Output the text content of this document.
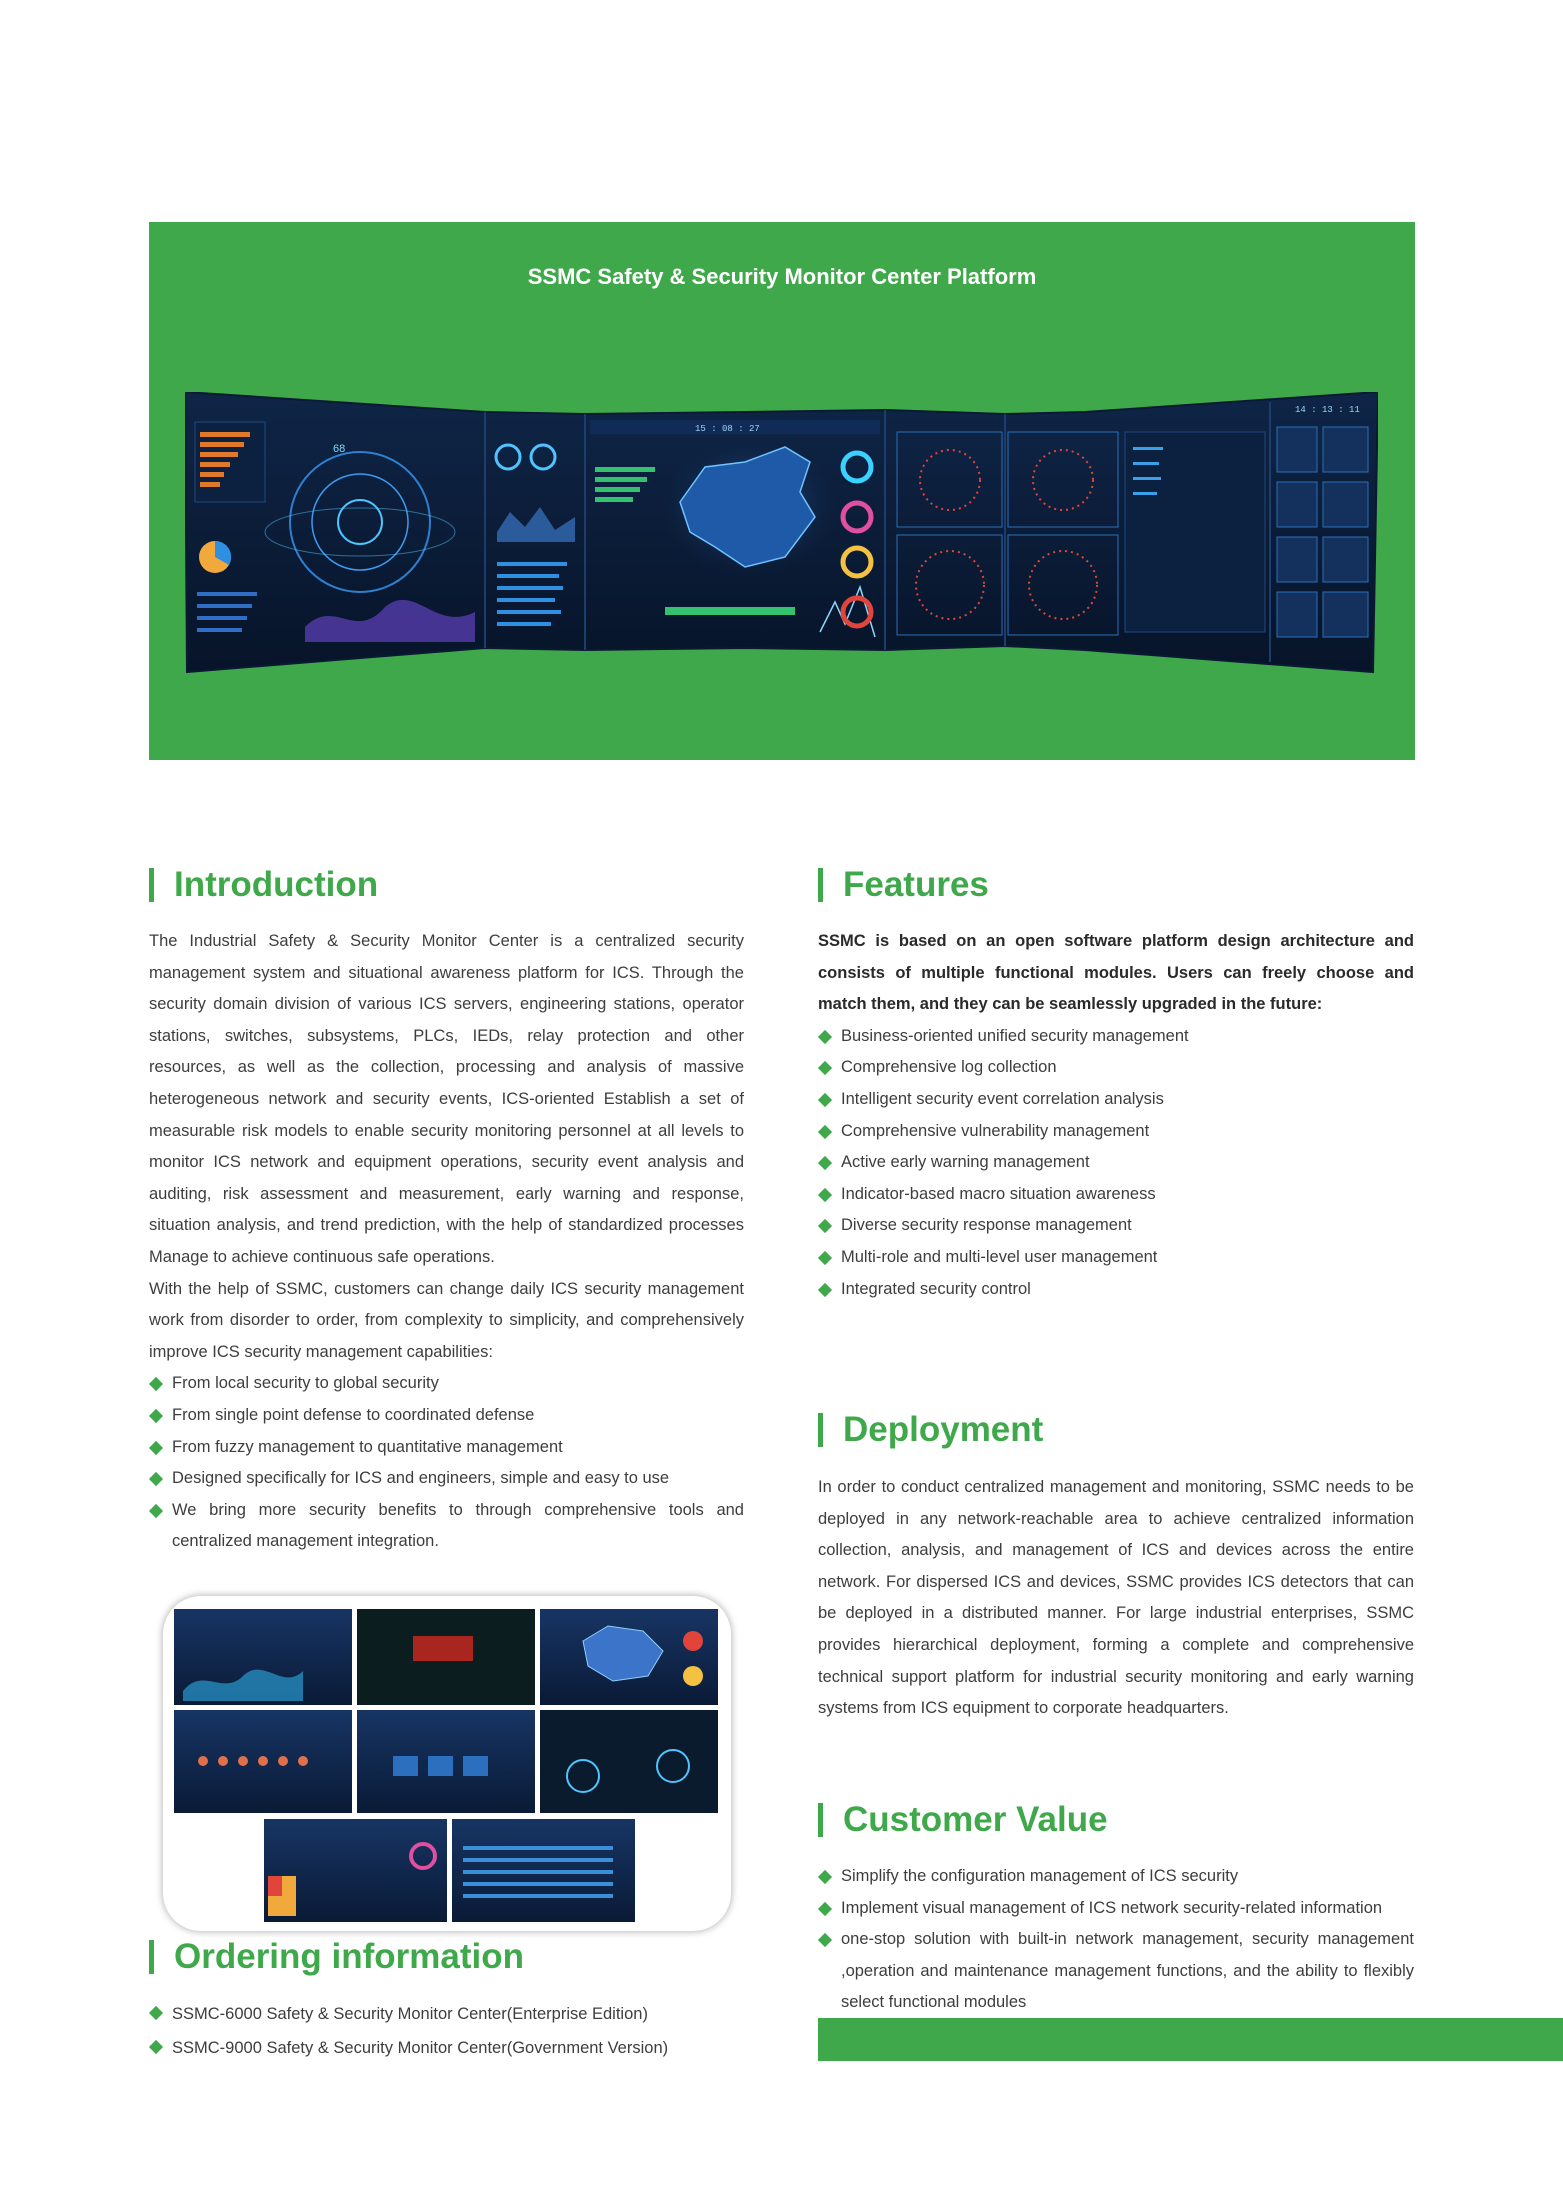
SSMC Safety & Security Monitor Center Platform
68
15 : 08 : 27
14 : 13 : 11
Introduction

The Industrial Safety & Security Monitor Center is a centralized security management system and situational awareness platform for ICS. Through the security domain division of various ICS servers, engineering stations, operator stations, switches, subsystems, PLCs, IEDs, relay protection and other resources, as well as the collection, processing and analysis of massive heterogeneous network and security events, ICS-oriented Establish a set of measurable risk models to enable security monitoring personnel at all levels to monitor ICS network and equipment operations, security event analysis and auditing, risk assessment and measurement, early warning and response, situation analysis, and trend prediction, with the help of standardized processes Manage to achieve continuous safe operations.

With the help of SSMC, customers can change daily ICS security management work from disorder to order, from complexity to simplicity, and comprehensively improve ICS security management capabilities:

From local security to global security
From single point defense to coordinated defense
From fuzzy management to quantitative management
Designed specifically for ICS and engineers, simple and easy to use

We bring more security benefits to through comprehensive tools and centralized management integration.

Ordering information
SSMC-6000 Safety & Security Monitor Center(Enterprise Edition)
SSMC-9000 Safety & Security Monitor Center(Government Version)
Features

SSMC is based on an open software platform design architecture and consists of multiple functional modules. Users can freely choose and match them, and they can be seamlessly upgraded in the future:

Business-oriented unified security management
Comprehensive log collection
Intelligent security event correlation analysis
Comprehensive vulnerability management
Active early warning management
Indicator-based macro situation awareness
Diverse security response management
Multi-role and multi-level user management
Integrated security control
Deployment

In order to conduct centralized management and monitoring, SSMC needs to be deployed in any network-reachable area to achieve centralized information collection, analysis, and management of ICS and devices across the entire network. For dispersed ICS and devices, SSMC provides ICS detectors that can be deployed in a distributed manner. For large industrial enterprises, SSMC provides hierarchical deployment, forming a complete and comprehensive technical support platform for industrial security monitoring and early warning systems from ICS equipment to corporate headquarters.

Customer Value
Simplify the configuration management of ICS security
Implement visual management of ICS network security-related information
one-stop solution with built-in network management, security management ,operation and maintenance management functions, and the ability to flexibly select functional modules
